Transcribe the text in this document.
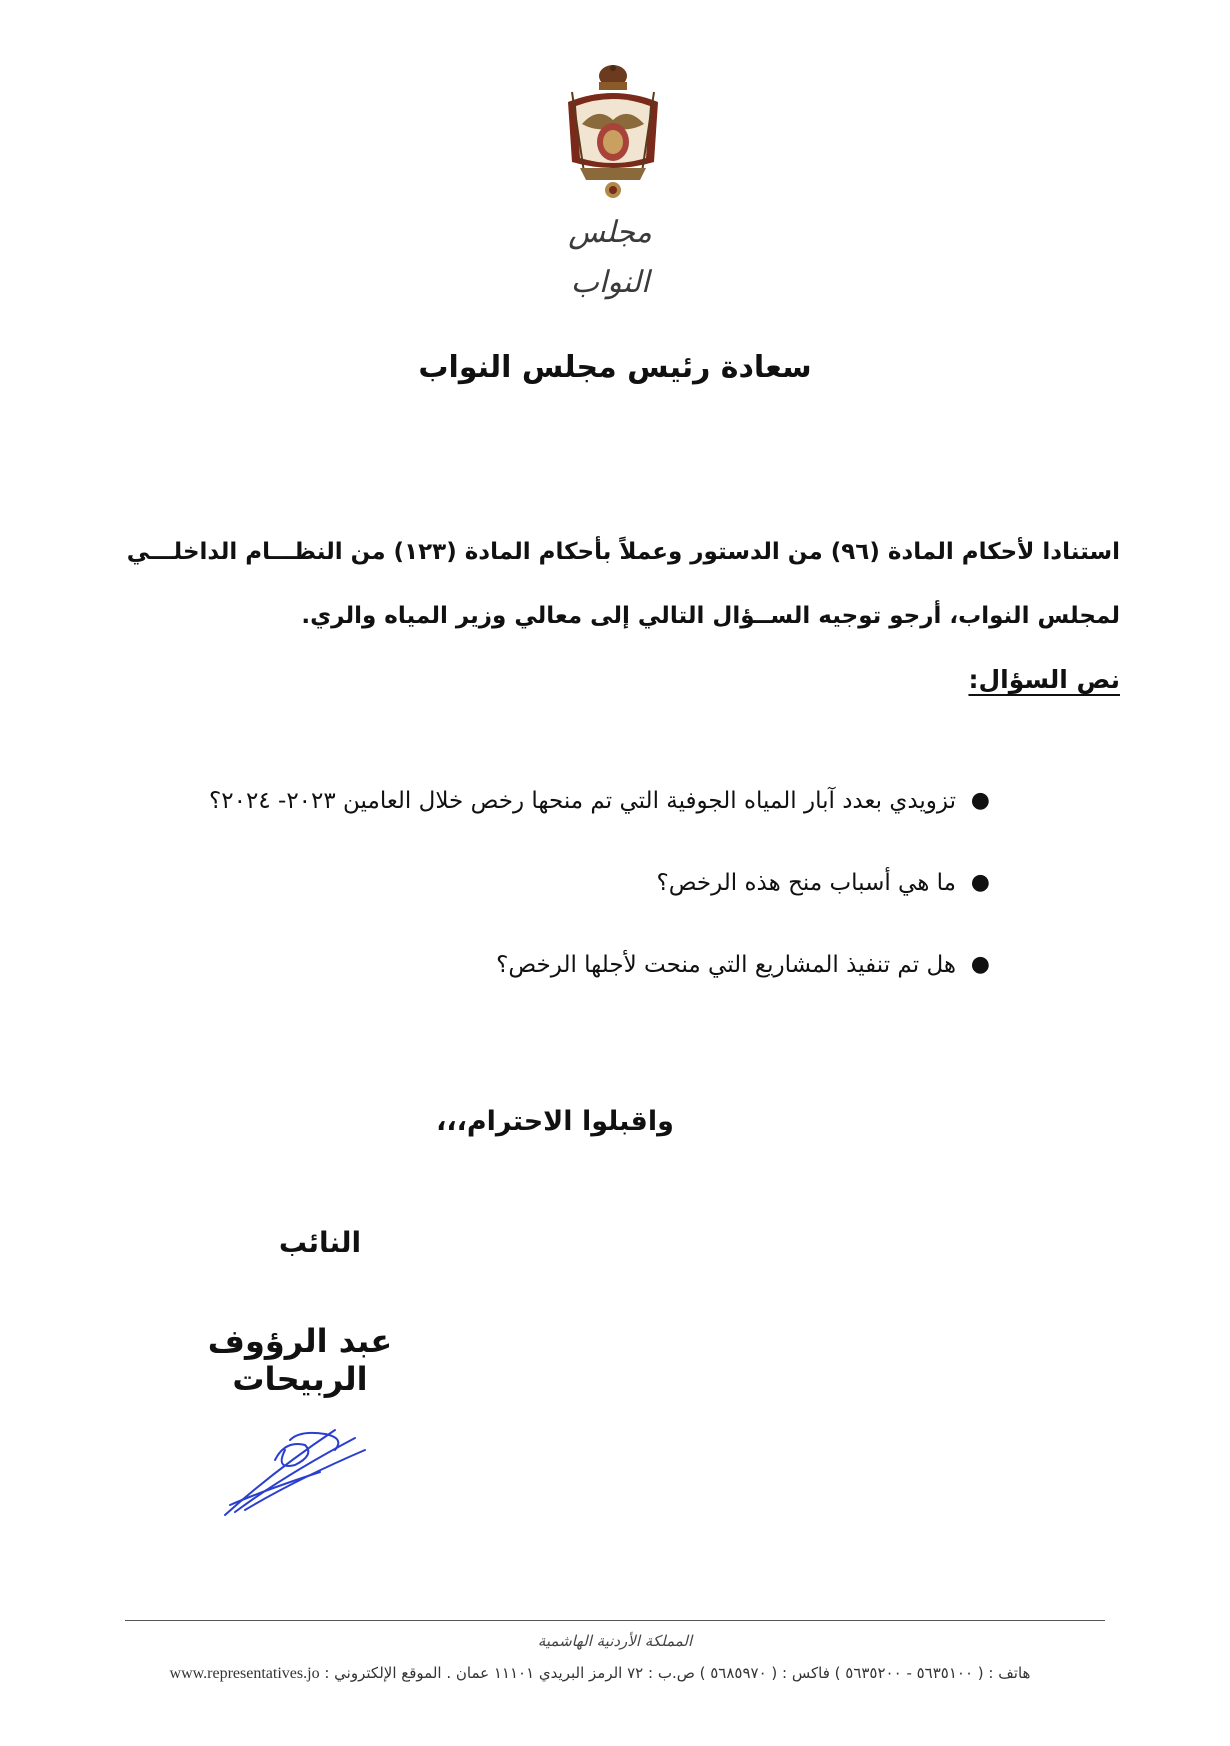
مجلس النواب
سعادة رئيس مجلس النواب
استنادا لأحكام المادة (٩٦) من الدستور وعملاً بأحكام المادة (١٢٣) من النظـــام الداخلـــي
لمجلس النواب، أرجو توجيه الســؤال التالي إلى معالي وزير المياه والري.
نص السؤال:
●
تزويدي بعدد آبار المياه الجوفية التي تم منحها رخص خلال العامين ٢٠٢٣- ٢٠٢٤؟
●
ما هي أسباب منح هذه الرخص؟
●
هل تم تنفيذ المشاريع التي منحت لأجلها الرخص؟
واقبلوا الاحترام،،،
النائب
عبد الرؤوف الربيحات
المملكة الأردنية الهاشمية
هاتف : ( ٥٦٣٥١٠٠ - ٥٦٣٥٢٠٠ ) فاكس : ( ٥٦٨٥٩٧٠ ) ص.ب : ٧٢ الرمز البريدي ١١١٠١ عمان . الموقع الإلكتروني : www.representatives.jo
